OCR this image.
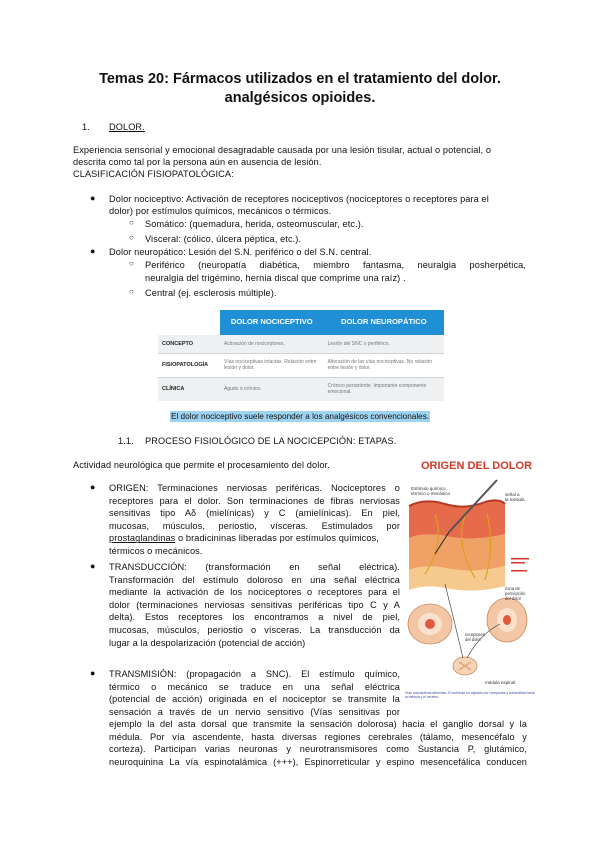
Temas 20: Fármacos utilizados en el tratamiento del dolor. analgésicos opioides.
1. DOLOR.
Experiencia sensorial y emocional desagradable causada por una lesión tisular, actual o potencial, o
descrita como tal por la persona aún en ausencia de lesión.
CLASIFICACIÓN FISIOPATOLÓGICA:
● Dolor nociceptivo: Activación de receptores nociceptivos (nociceptores o receptores para el
dolor) por estímulos químicos, mecánicos o térmicos.
○ Somático: (quemadura, herida, osteomuscular, etc.).
○ Visceral: (cólico, úlcera péptica, etc.).
● Dolor neuropático: Lesión del S.N. periférico o del S.N. central.
○ Periférico (neuropatía diabética, miembro fantasma, neuralgia posherpética,
neuralgia del trigémino, hernia discal que comprime una raíz) .
○ Central (ej. esclerosis múltiple).
	DOLOR NOCICEPTIVO	DOLOR NEUROPÁTICO
CONCEPTO	Activación de nociceptores.	Lesión del SNC o periférico.
FISIOPATOLOGÍA	Vías nociceptivas intactas. Relación entre lesión y dolor.	Alteración de las vías nociceptivas. No relación entre lesión y dolor.
CLÍNICA	Agudo o crónico.	Crónico persistente. Importante componente emocional.
El dolor nociceptivo suele responder a los analgésicos convencionales.
1.1. PROCESO FISIOLÓGICO DE LA NOCICEPCIÓN: ETAPAS.
Actividad neurológica que permite el procesamiento del dolor.
● ORIGEN: Terminaciones nerviosas periféricas. Nociceptores o
receptores para el dolor. Son terminaciones de fibras nerviosas
sensitivas tipo Aδ (mielínicas) y C (amielínicas). En piel,
mucosas, músculos, periostio, vísceras. Estimulados por
prostaglandinas o bradicininas liberadas por estímulos químicos,
térmicos o mecánicos.
● TRANSDUCCIÓN: (transformación en señal eléctrica).
Transformación del estímulo doloroso en una señal eléctrica
mediante la activación de los nociceptores o receptores para el
dolor (terminaciones nerviosas sensitivas periféricas tipo C y A
delta). Estos receptores los encontramos a nivel de piel,
mucosas, músculos, periostio o vísceras. La transducción da
lugar a la despolarización (potencial de acción)
● TRANSMISIÓN: (propagación a SNC). El estímulo químico,
térmico o mecánico se traduce en una señal eléctrica
(potencial de acción) originada en el nociceptor se transmite la
sensación a través de un nervio sensitivo (Vías sensitivas por
ejemplo la del asta dorsal que transmite la sensación dolorosa) hacia el ganglio dorsal y la
médula. Por vía ascendente, hasta diversas regiones cerebrales (tálamo, mesencéfalo y
corteza). Participan varias neuronas y neurotransmisores como Sustancia P, glutámico,
neuroquinina La vía espinotalámica (+++), Espinorreticular y espino mesencefálica conducen
ORIGEN DEL DOLOR
Estímulo químico,
térmico o mecánico	señal a
la médula
zona de
percepción
del dolor
receptores
del dolor
médula espinal
Vías nociceptivas aferentes. El estímulo es captado por receptores y transmitido hacia la médula y el cerebro.
